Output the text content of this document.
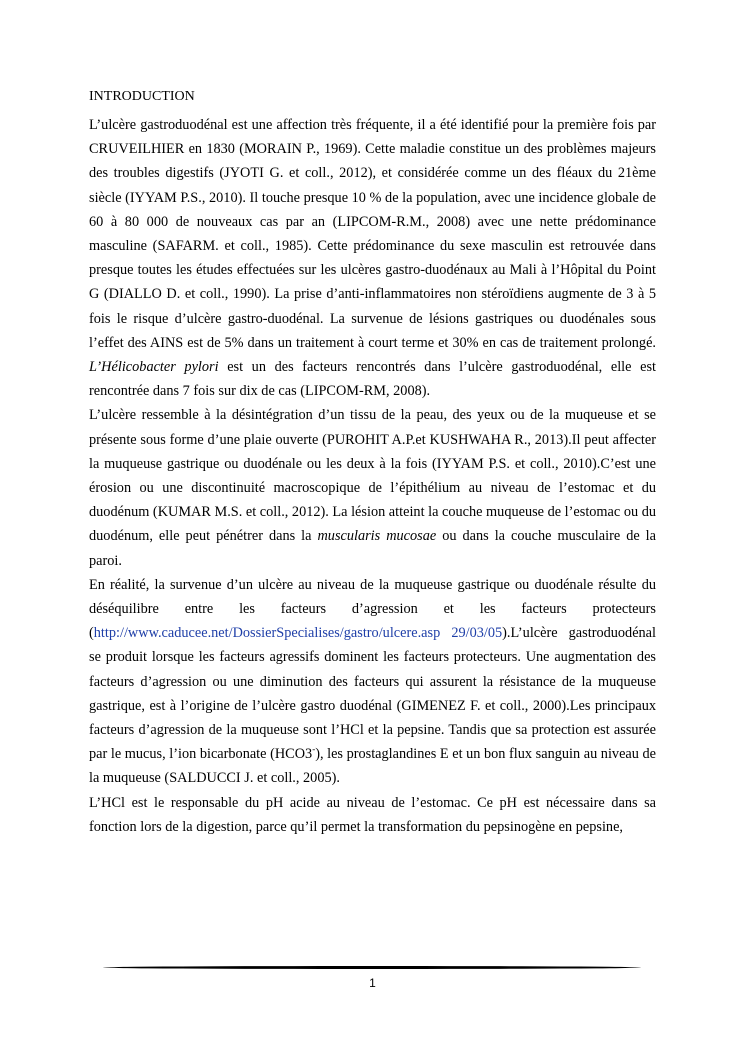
INTRODUCTION

L’ulcère gastroduodénal est une affection très fréquente, il a été identifié pour la première fois par CRUVEILHIER en 1830 (MORAIN P., 1969). Cette maladie constitue un des problèmes majeurs des troubles digestifs (JYOTI G. et coll., 2012), et considérée comme un des fléaux du 21ème siècle (IYYAM P.S., 2010). Il touche presque 10 % de la population, avec une incidence globale de 60 à 80 000 de nouveaux cas par an (LIPCOM-R.M., 2008) avec une nette prédominance masculine (SAFARM. et coll., 1985). Cette prédominance du sexe masculin est retrouvée dans presque toutes les études effectuées sur les ulcères gastro-duodénaux au Mali à l’Hôpital du Point G (DIALLO D. et coll., 1990). La prise d’anti-inflammatoires non stéroïdiens augmente de 3 à 5 fois le risque d’ulcère gastro-duodénal. La survenue de lésions gastriques ou duodénales sous l’effet des AINS est de 5% dans un traitement à court terme et 30% en cas de traitement prolongé. L’Hélicobacter pylori est un des facteurs rencontrés dans l’ulcère gastroduodénal, elle est rencontrée dans 7 fois sur dix de cas (LIPCOM-RM, 2008).

L’ulcère ressemble à la désintégration d’un tissu de la peau, des yeux ou de la muqueuse et se présente sous forme d’une plaie ouverte (PUROHIT A.P.et KUSHWAHA R., 2013).Il peut affecter la muqueuse gastrique ou duodénale ou les deux à la fois (IYYAM P.S. et coll., 2010).C’est une érosion ou une discontinuité macroscopique de l’épithélium au niveau de l’estomac et du duodénum (KUMAR M.S. et coll., 2012). La lésion atteint la couche muqueuse de l’estomac ou du duodénum, elle peut pénétrer dans la muscularis mucosae ou dans la couche musculaire de la paroi.

En réalité, la survenue d’un ulcère au niveau de la muqueuse gastrique ou duodénale résulte du déséquilibre entre les facteurs d’agression et les facteurs protecteurs (http://www.caducee.net/DossierSpecialises/gastro/ulcere.asp 29/03/05).L’ulcère gastroduodénal se produit lorsque les facteurs agressifs dominent les facteurs protecteurs. Une augmentation des facteurs d’agression ou une diminution des facteurs qui assurent la résistance de la muqueuse gastrique, est à l’origine de l’ulcère gastro duodénal (GIMENEZ F. et coll., 2000).Les principaux facteurs d’agression de la muqueuse sont l’HCl et la pepsine. Tandis que sa protection est assurée par le mucus, l’ion bicarbonate (HCO3-), les prostaglandines E et un bon flux sanguin au niveau de la muqueuse (SALDUCCI J. et coll., 2005).

L’HCl est le responsable du pH acide au niveau de l’estomac. Ce pH est nécessaire dans sa fonction lors de la digestion, parce qu’il permet la transformation du pepsinogène en pepsine,

1
